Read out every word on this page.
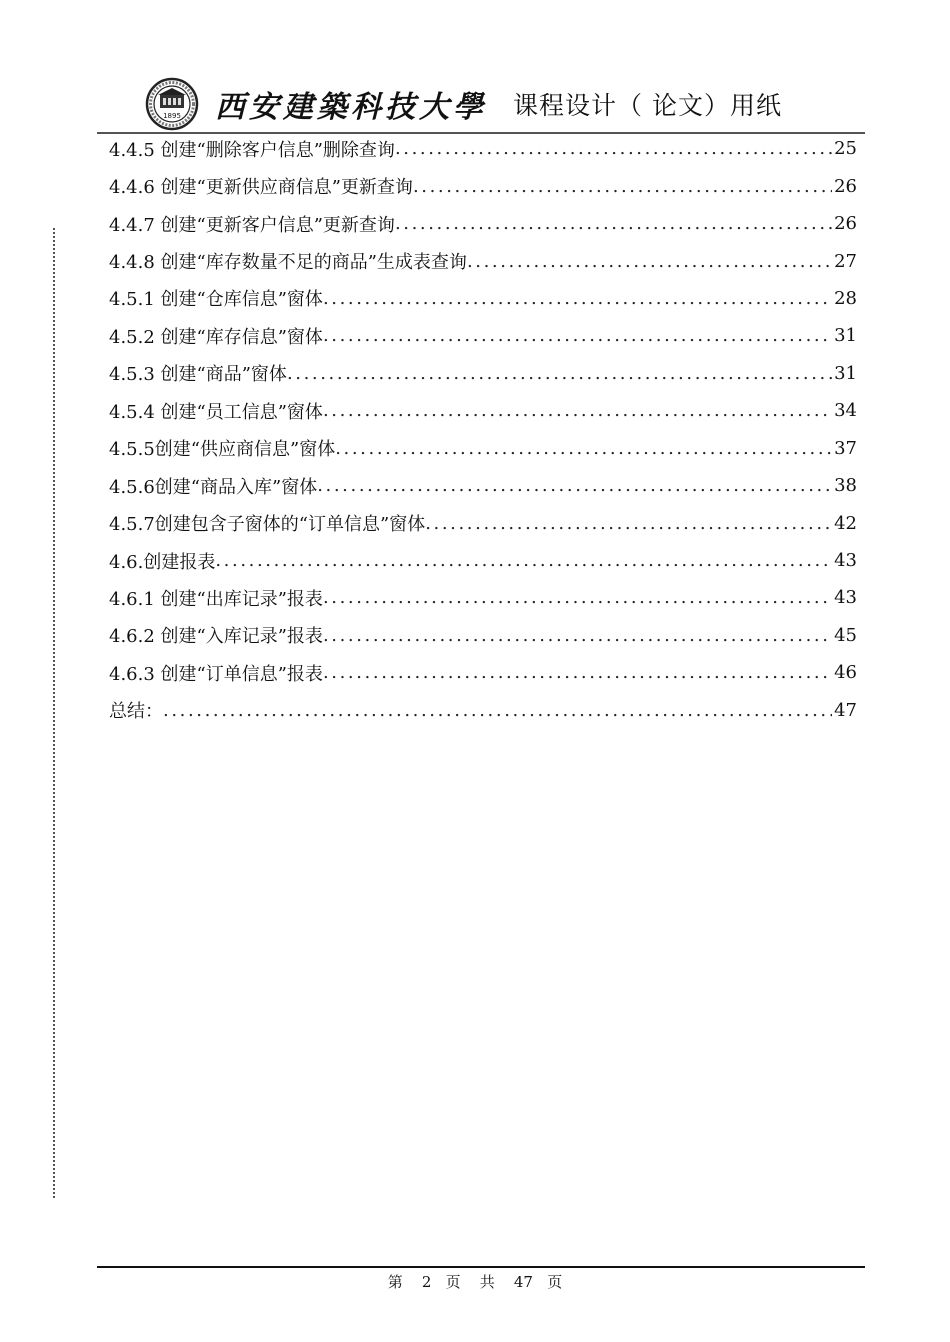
1895 西安建築科技大學 课程设计（ 论文）用纸
4.4.5 创建“删除客户信息”删除查询 .....	25
4.4.6 创建“更新供应商信息”更新查询 .....	26
4.4.7 创建“更新客户信息”更新查询 .....	26
4.4.8 创建“库存数量不足的商品”生成表查询 .....	27
4.5.1 创建“仓库信息”窗体 .....	28
4.5.2 创建“库存信息”窗体 .....	31
4.5.3 创建“商品”窗体 .....	31
4.5.4 创建“员工信息”窗体 .....	34
4.5.5创建“供应商信息”窗体 .....	37
4.5.6创建“商品入库”窗体 .....	38
4.5.7创建包含子窗体的“订单信息”窗体 .....	42
4.6.创建报表 .....	43
4.6.1 创建“出库记录”报表 .....	43
4.6.2 创建“入库记录”报表 .....	45
4.6.3 创建“订单信息”报表 .....	46
总结： .....	47
第 2 页 共 47 页
